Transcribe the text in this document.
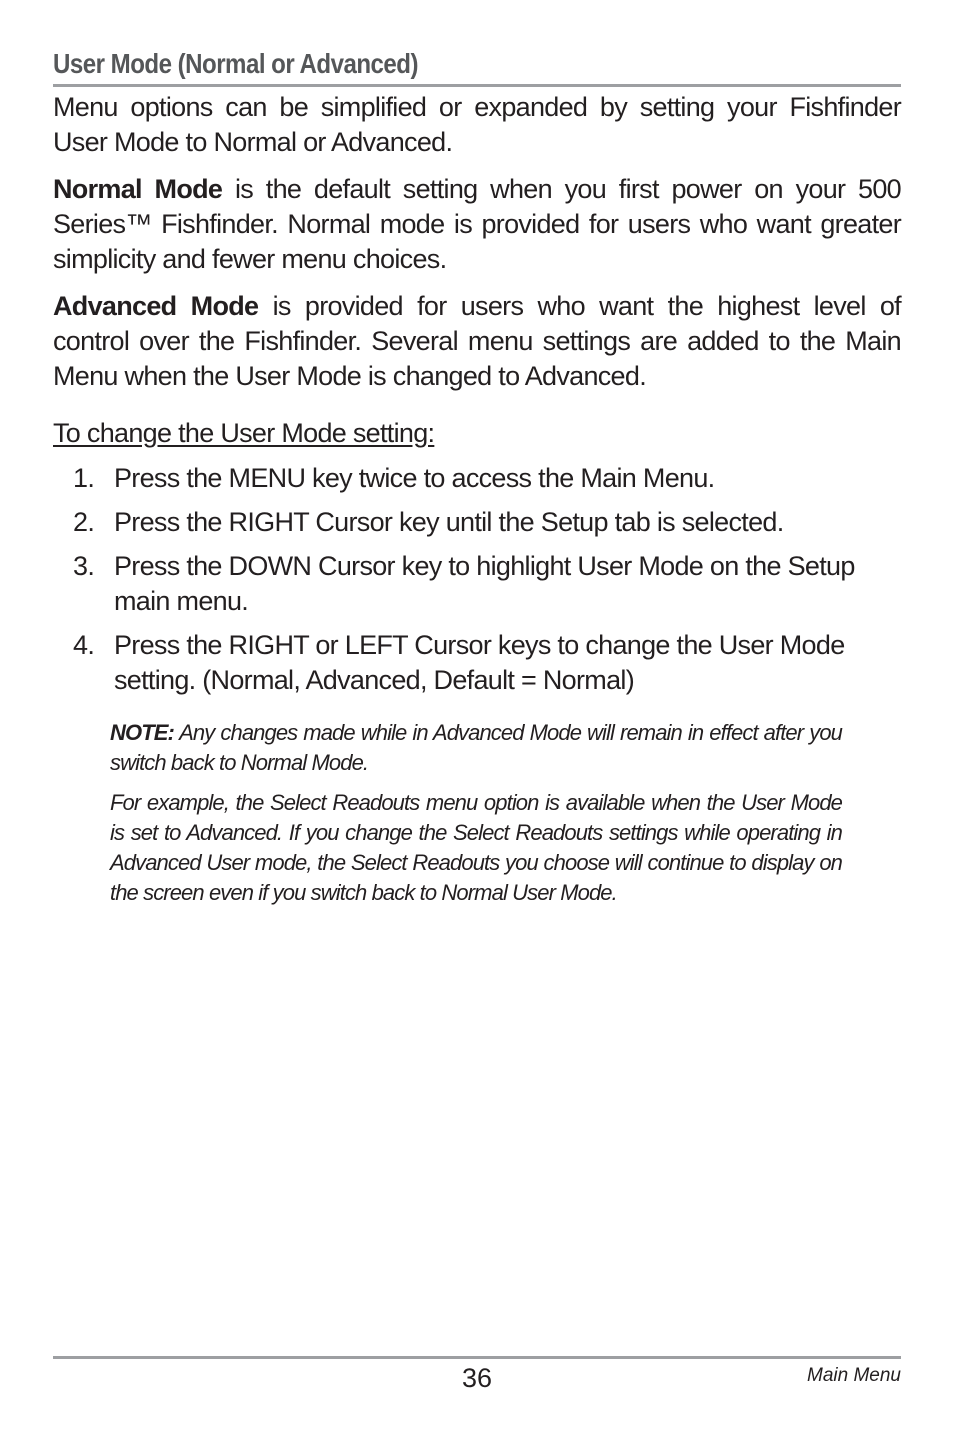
User Mode (Normal or Advanced)

Menu options can be simplified or expanded by setting your Fishfinder User Mode to Normal or Advanced.

Normal Mode is the default setting when you first power on your 500 Series™ Fishfinder. Normal mode is provided for users who want greater simplicity and fewer menu choices.

Advanced Mode is provided for users who want the highest level of control over the Fishfinder. Several menu settings are added to the Main Menu when the User Mode is changed to Advanced.

To change the User Mode setting:
1. Press the MENU key twice to access the Main Menu.
2. Press the RIGHT Cursor key until the Setup tab is selected.
3. Press the DOWN Cursor key to highlight User Mode on the Setup main menu.
4. Press the RIGHT or LEFT Cursor keys to change the User Mode setting. (Normal, Advanced, Default = Normal)

NOTE: Any changes made while in Advanced Mode will remain in effect after you switch back to Normal Mode.

For example, the Select Readouts menu option is available when the User Mode is set to Advanced. If you change the Select Readouts settings while operating in Advanced User mode, the Select Readouts you choose will continue to display on the screen even if you switch back to Normal User Mode.

36	Main Menu
